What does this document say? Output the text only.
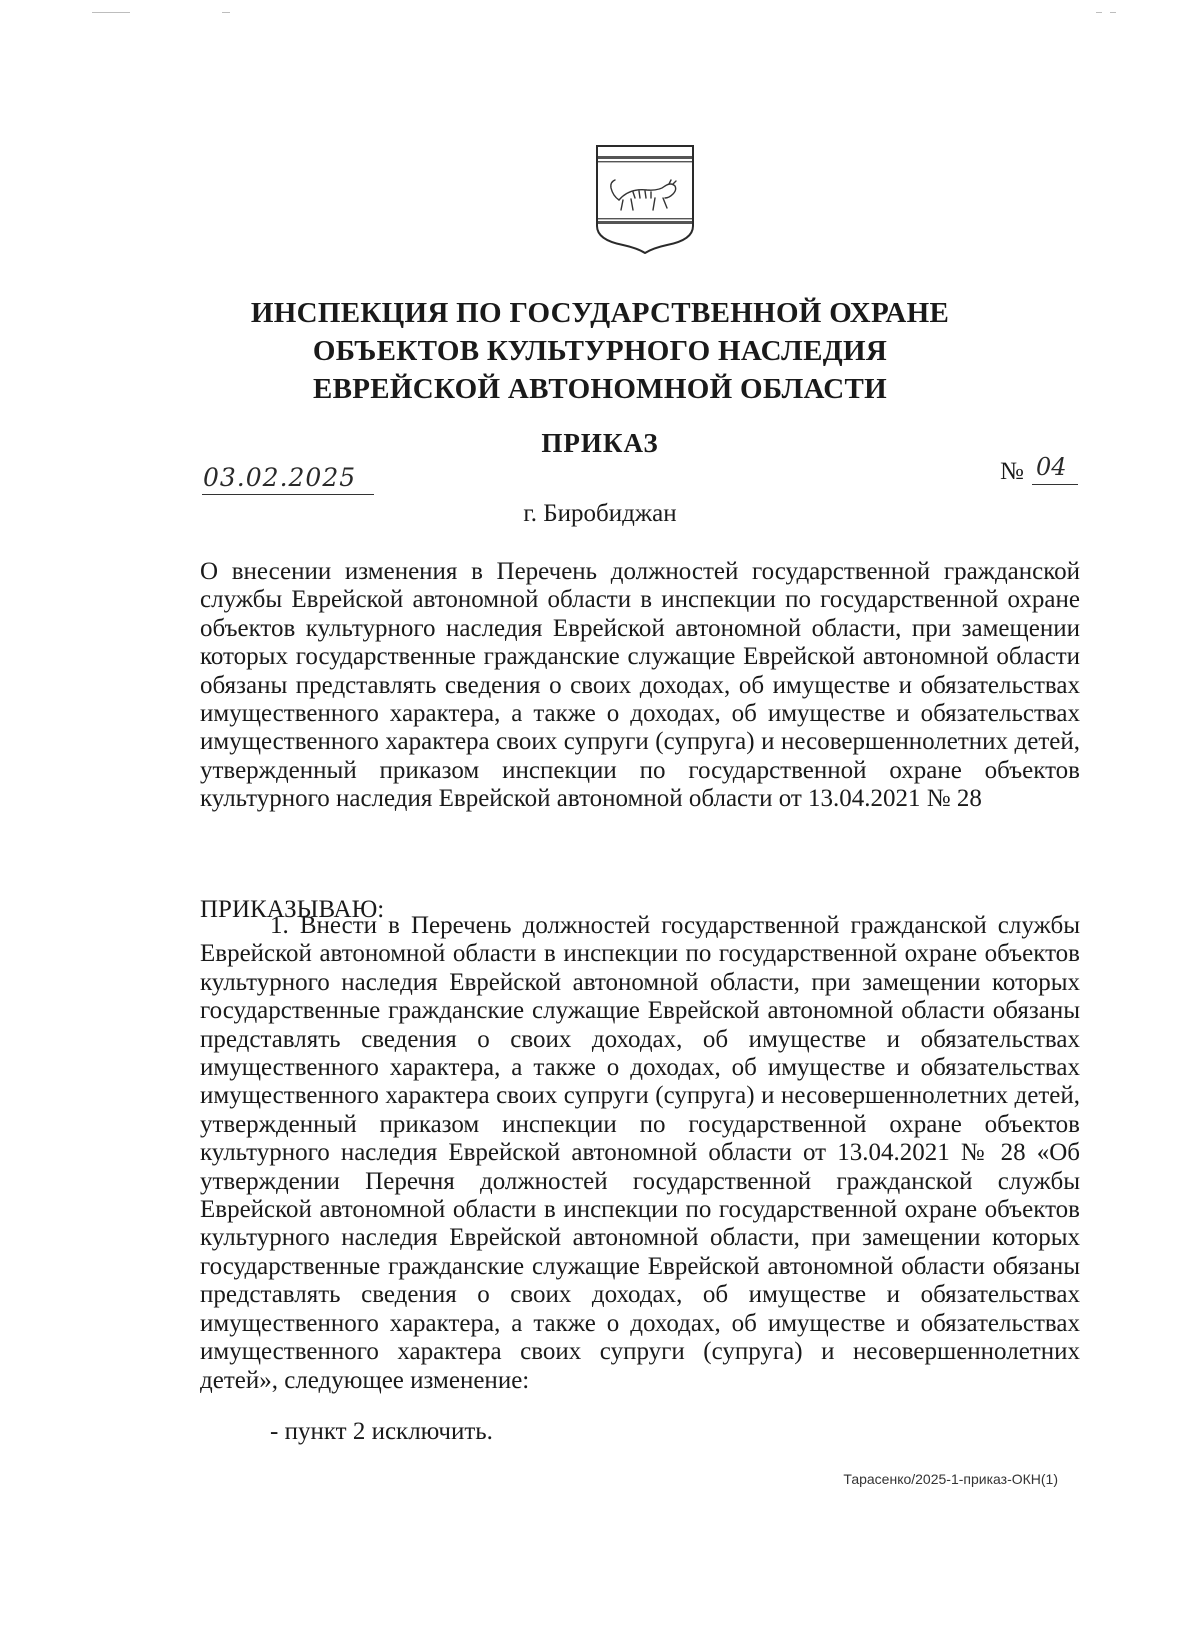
ИНСПЕКЦИЯ ПО ГОСУДАРСТВЕННОЙ ОХРАНЕ
ОБЪЕКТОВ КУЛЬТУРНОГО НАСЛЕДИЯ
ЕВРЕЙСКОЙ АВТОНОМНОЙ ОБЛАСТИ
ПРИКАЗ
03.02.2025	№ 04
г. Биробиджан
О внесении изменения в Перечень должностей государственной гражданской службы Еврейской автономной области в инспекции по государственной охране объектов культурного наследия Еврейской автономной области, при замещении которых государственные гражданские служащие Еврейской автономной области обязаны представлять сведения о своих доходах, об имуществе и обязательствах имущественного характера, а также о доходах, об имуществе и обязательствах имущественного характера своих супруги (супруга) и несовершеннолетних детей, утвержденный приказом инспекции по государственной охране объектов культурного наследия Еврейской автономной области от 13.04.2021 № 28
ПРИКАЗЫВАЮ:
1. Внести в Перечень должностей государственной гражданской службы Еврейской автономной области в инспекции по государственной охране объектов культурного наследия Еврейской автономной области, при замещении которых государственные гражданские служащие Еврейской автономной области обязаны представлять сведения о своих доходах, об имуществе и обязательствах имущественного характера, а также о доходах, об имуществе и обязательствах имущественного характера своих супруги (супруга) и несовершеннолетних детей, утвержденный приказом инспекции по государственной охране объектов культурного наследия Еврейской автономной области от 13.04.2021 № 28 «Об утверждении Перечня должностей государственной гражданской службы Еврейской автономной области в инспекции по государственной охране объектов культурного наследия Еврейской автономной области, при замещении которых государственные гражданские служащие Еврейской автономной области обязаны представлять сведения о своих доходах, об имуществе и обязательствах имущественного характера, а также о доходах, об имуществе и обязательствах имущественного характера своих супруги (супруга) и несовершеннолетних детей», следующее изменение:
- пункт 2 исключить.
Тарасенко/2025-1-приказ-ОКН(1)
